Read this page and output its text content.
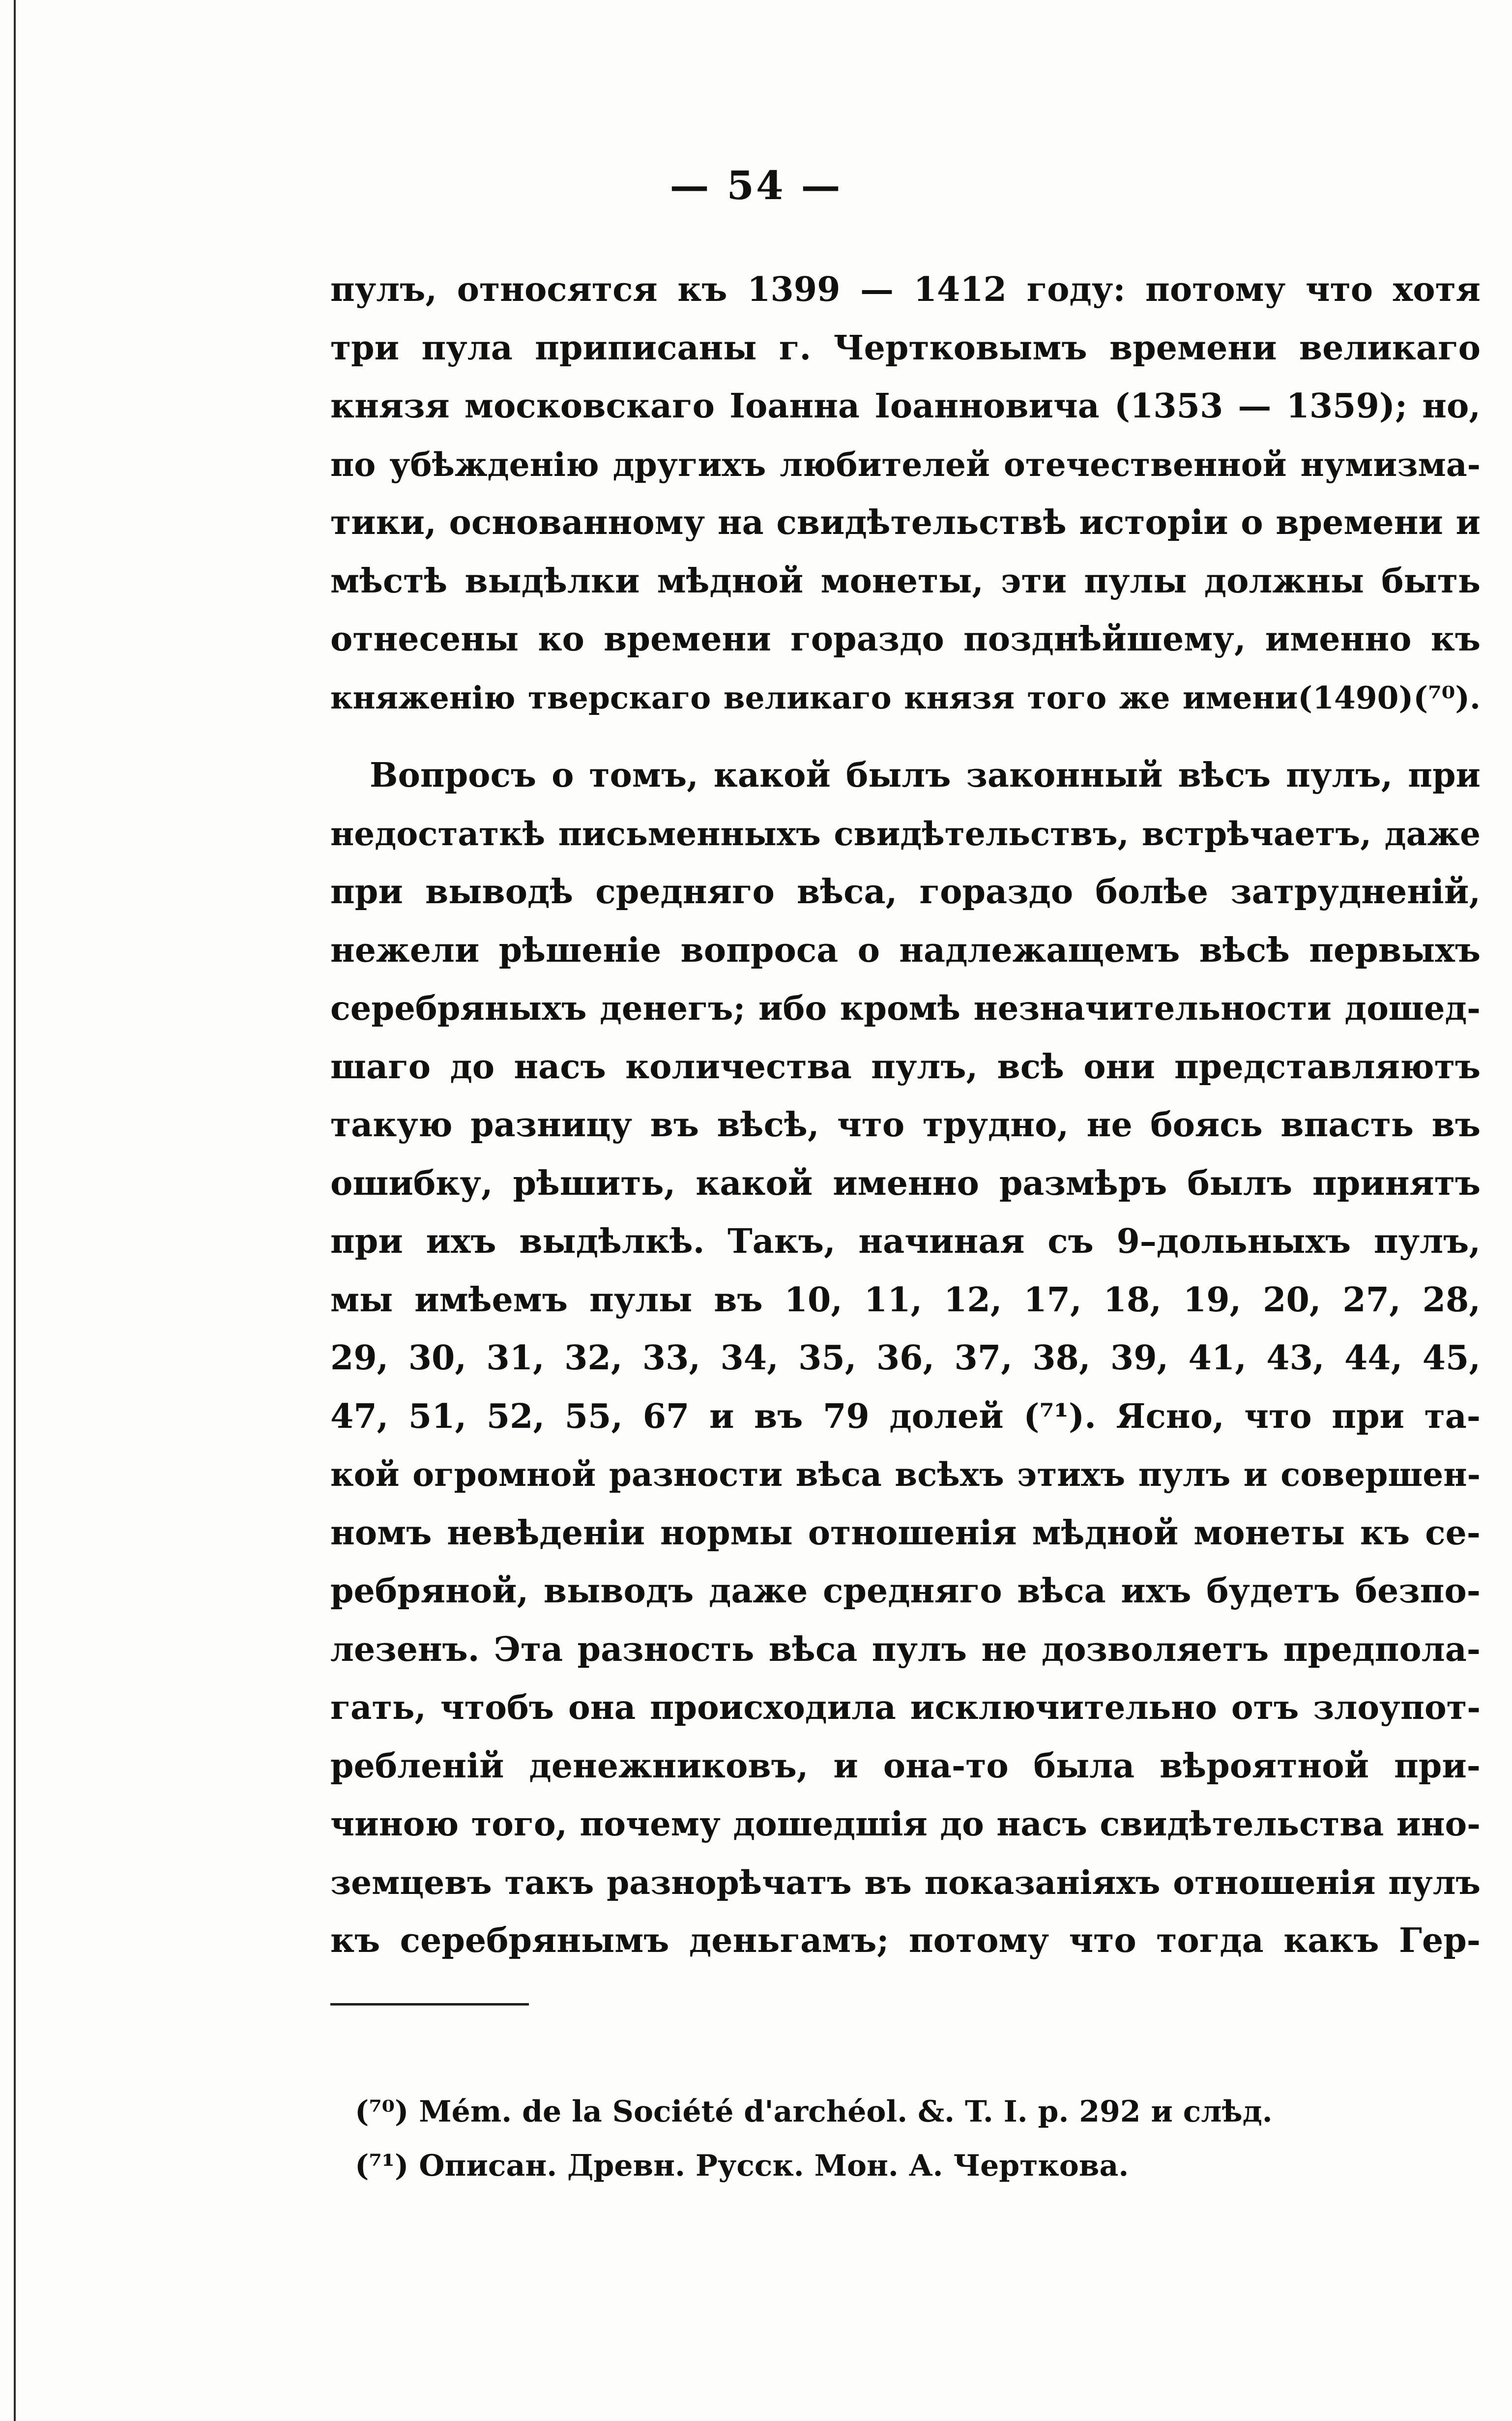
— 54 —
пулъ, относятся къ 1399 — 1412 году: потому что хотя
три пула приписаны г. Чертковымъ времени великаго
князя московскаго Іоанна Іоанновича (1353 — 1359); но,
по убѣжденію другихъ любителей отечественной нумизма-
тики, основанному на свидѣтельствѣ исторіи о времени и
мѣстѣ выдѣлки мѣдной монеты, эти пулы должны быть
отнесены ко времени гораздо позднѣйшему, именно къ
княженію тверскаго великаго князя того же имени(1490)(⁷⁰).
Вопросъ о томъ, какой былъ законный вѣсъ пулъ, при
недостаткѣ письменныхъ свидѣтельствъ, встрѣчаетъ, даже
при выводѣ средняго вѣса, гораздо болѣе затрудненій,
нежели рѣшеніе вопроса о надлежащемъ вѣсѣ первыхъ
серебряныхъ денегъ; ибо кромѣ незначительности дошед-
шаго до насъ количества пулъ, всѣ они представляютъ
такую разницу въ вѣсѣ, что трудно, не боясь впасть въ
ошибку, рѣшить, какой именно размѣръ былъ принятъ
при ихъ выдѣлкѣ. Такъ, начиная съ 9–дольныхъ пулъ,
мы имѣемъ пулы въ 10, 11, 12, 17, 18, 19, 20, 27, 28,
29, 30, 31, 32, 33, 34, 35, 36, 37, 38, 39, 41, 43, 44, 45,
47, 51, 52, 55, 67 и въ 79 долей (⁷¹). Ясно, что при та-
кой огромной разности вѣса всѣхъ этихъ пулъ и совершен-
номъ невѣденіи нормы отношенія мѣдной монеты къ се-
ребряной, выводъ даже средняго вѣса ихъ будетъ безпо-
лезенъ. Эта разность вѣса пулъ не дозволяетъ предпола-
гать, чтобъ она происходила исключительно отъ злоупот-
ребленій денежниковъ, и она-то была вѣроятной при-
чиною того, почему дошедшія до насъ свидѣтельства ино-
земцевъ такъ разнорѣчатъ въ показаніяхъ отношенія пулъ
къ серебрянымъ деньгамъ; потому что тогда какъ Гер-
(⁷⁰) Mém. de la Société d'archéol. &. T. I. p. 292 и слѣд.
(⁷¹) Описан. Древн. Русск. Мон. А. Черткова.
